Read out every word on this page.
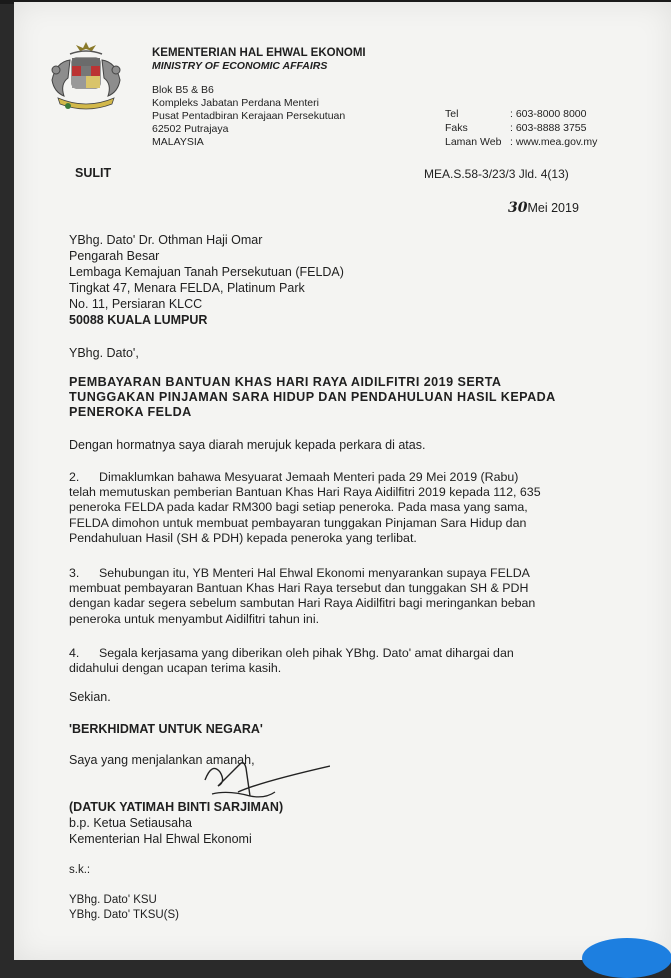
KEMENTERIAN HAL EHWAL EKONOMI
MINISTRY OF ECONOMIC AFFAIRS
Blok B5 & B6
Kompleks Jabatan Perdana Menteri
Pusat Pentadbiran Kerajaan Persekutuan
62502 Putrajaya
MALAYSIA
Tel	: 603-8000 8000
Faks	: 603-8888 3755
Laman Web : www.mea.gov.my
SULIT	MEA.S.58-3/23/3 Jld. 4(13)
30Mei 2019
YBhg. Dato' Dr. Othman Haji Omar
Pengarah Besar
Lembaga Kemajuan Tanah Persekutuan (FELDA)
Tingkat 47, Menara FELDA, Platinum Park
No. 11, Persiaran KLCC
50088 KUALA LUMPUR
YBhg. Dato',
PEMBAYARAN BANTUAN KHAS HARI RAYA AIDILFITRI 2019 SERTA
TUNGGAKAN PINJAMAN SARA HIDUP DAN PENDAHULUAN HASIL KEPADA
PENEROKA FELDA
Dengan hormatnya saya diarah merujuk kepada perkara di atas.
2. Dimaklumkan bahawa Mesyuarat Jemaah Menteri pada 29 Mei 2019 (Rabu)
telah memutuskan pemberian Bantuan Khas Hari Raya Aidilfitri 2019 kepada 112, 635
peneroka FELDA pada kadar RM300 bagi setiap peneroka. Pada masa yang sama,
FELDA dimohon untuk membuat pembayaran tunggakan Pinjaman Sara Hidup dan
Pendahuluan Hasil (SH & PDH) kepada peneroka yang terlibat.
3. Sehubungan itu, YB Menteri Hal Ehwal Ekonomi menyarankan supaya FELDA
membuat pembayaran Bantuan Khas Hari Raya tersebut dan tunggakan SH & PDH
dengan kadar segera sebelum sambutan Hari Raya Aidilfitri bagi meringankan beban
peneroka untuk menyambut Aidilfitri tahun ini.
4. Segala kerjasama yang diberikan oleh pihak YBhg. Dato' amat dihargai dan
didahului dengan ucapan terima kasih.
Sekian.
'BERKHIDMAT UNTUK NEGARA'
Saya yang menjalankan amanah,
(DATUK YATIMAH BINTI SARJIMAN)
b.p. Ketua Setiausaha
Kementerian Hal Ehwal Ekonomi
s.k.:
YBhg. Dato' KSU
YBhg. Dato' TKSU(S)
